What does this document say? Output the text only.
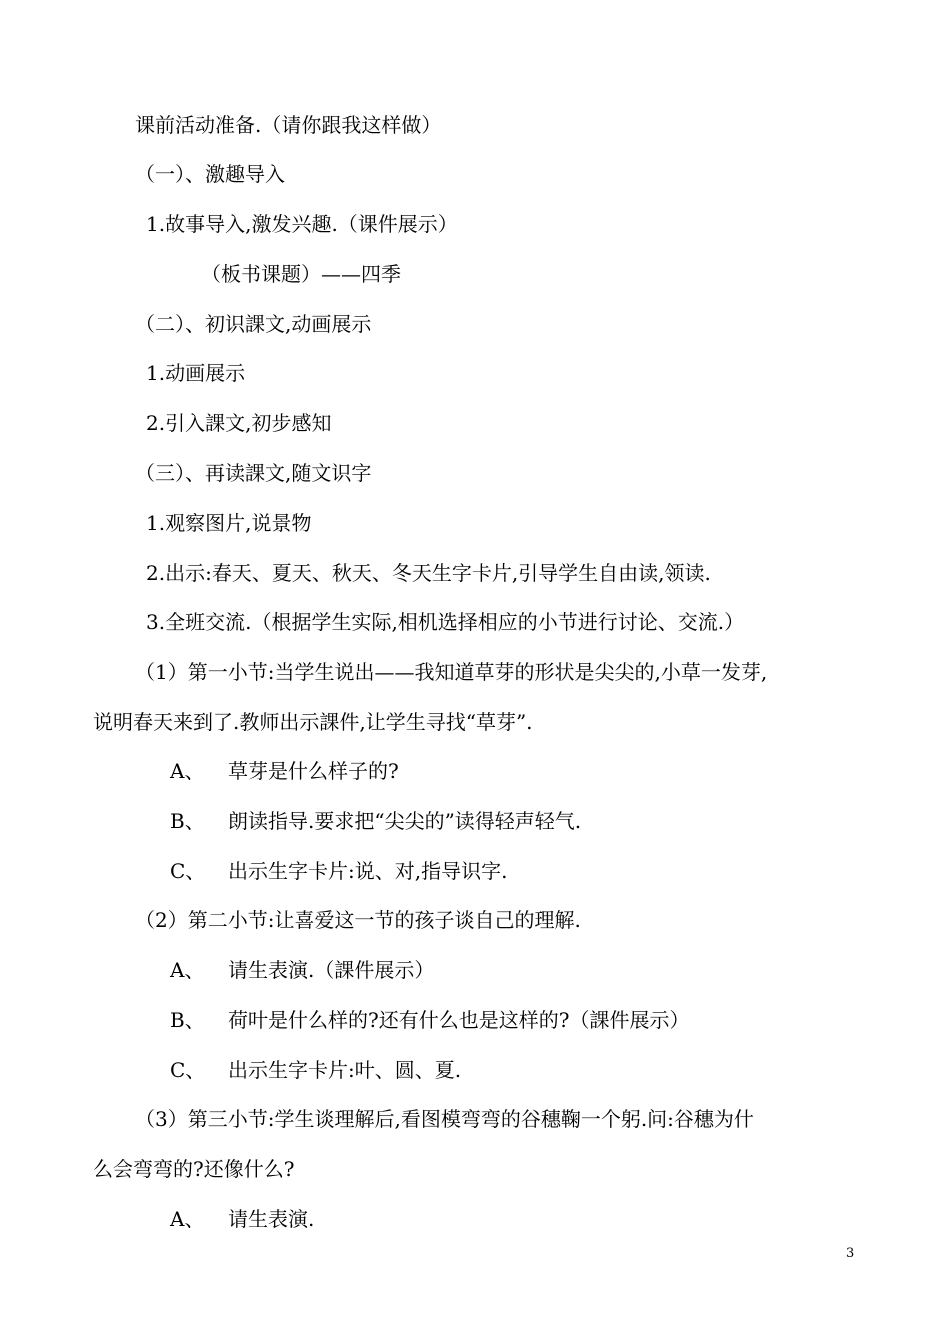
课前活动准备.（请你跟我这样做）
（一）、激趣导入
1.故事导入,激发兴趣.（课件展示）
（板书课题）——四季
（二）、初识課文,动画展示
1.动画展示
2.引入課文,初步感知
（三）、再读課文,随文识字
1.观察图片,说景物
2.出示:春天、夏天、秋天、冬天生字卡片,引导学生自由读,领读.
3.全班交流.（根据学生实际,相机选择相应的小节进行讨论、交流.）
（1）第一小节:当学生说出——我知道草芽的形状是尖尖的,小草一发芽,
说明春天来到了.教师出示課件,让学生寻找“草芽”.
A、 草芽是什么样子的?
B、 朗读指导.要求把“尖尖的”读得轻声轻气.
C、 出示生字卡片:说、对,指导识字.
（2）第二小节:让喜爱这一节的孩子谈自己的理解.
A、 请生表演.（課件展示）
B、 荷叶是什么样的?还有什么也是这样的?（課件展示）
C、 出示生字卡片:叶、圆、夏.
（3）第三小节:学生谈理解后,看图模弯弯的谷穗鞠一个躬.问:谷穗为什
么会弯弯的?还像什么?
A、 请生表演.
3
